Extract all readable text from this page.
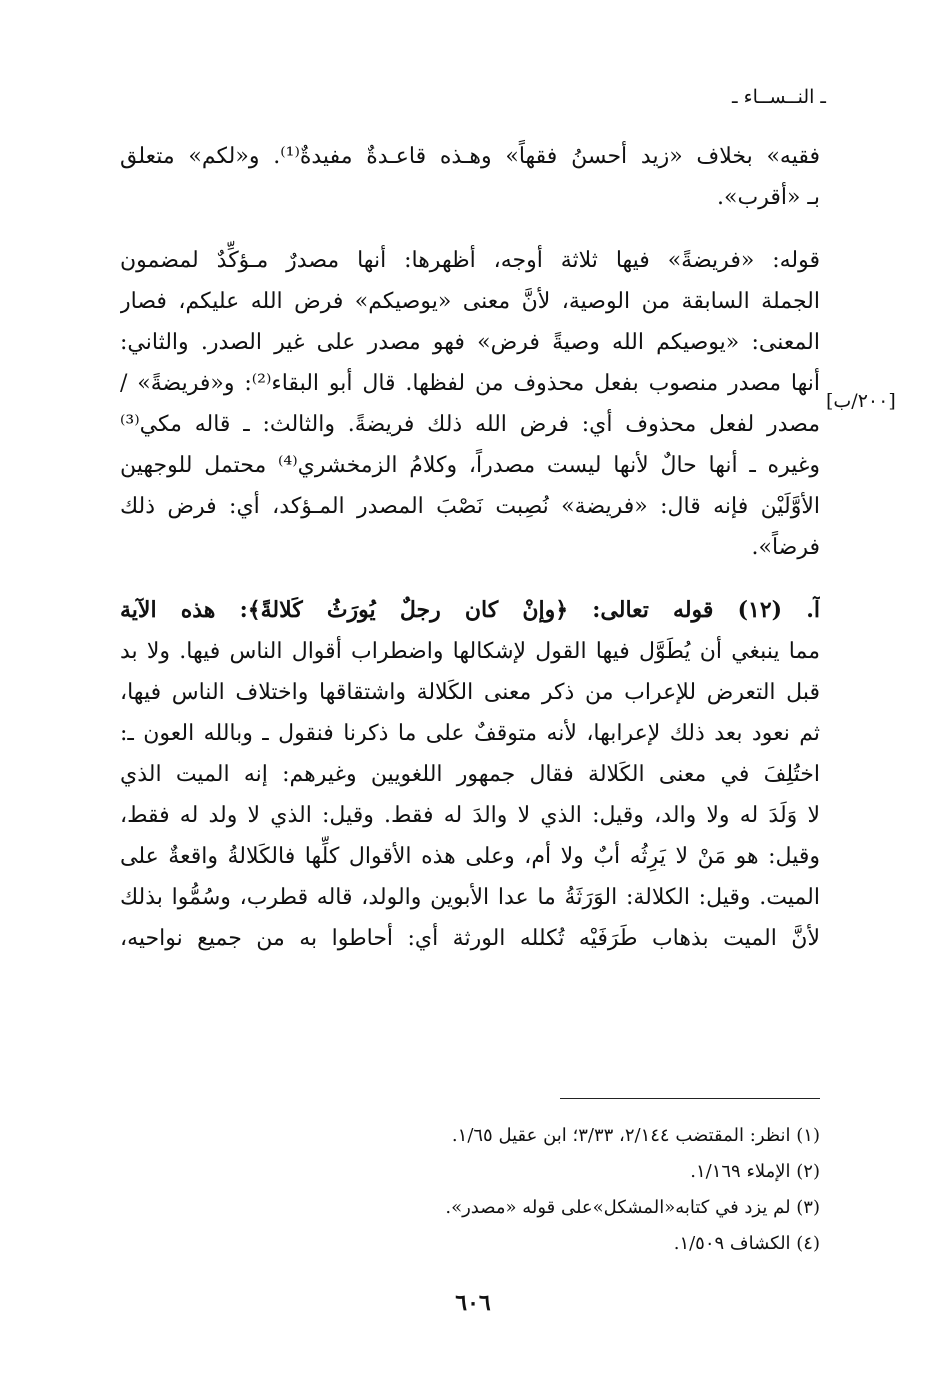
ـ النــســاء ـ
فقيه» بخلاف «زيد أحسنُ فقهاً» وهـذه قاعـدةٌ مفيدةٌ⁽¹⁾. و«لكم» متعلق
بـ «أقرب».
قوله: «فريضةً» فيها ثلاثة أوجه، أظهرها: أنها مصدرٌ مـؤكِّدٌ لمضمون
الجملة السابقة من الوصية، لأنَّ معنى «يوصيكم» فرض الله عليكم، فصار
المعنى: «يوصيكم الله وصيةً فرض» فهو مصدر على غير الصدر. والثاني:
أنها مصدر منصوب بفعل محذوف من لفظها. قال أبو البقاء⁽²⁾: و«فريضةً» /
مصدر لفعل محذوف أي: فرض الله ذلك فريضةً. والثالث: ـ قاله مكي⁽³⁾
وغيره ـ أنها حالٌ لأنها ليست مصدراً، وكلامُ الزمخشري⁽⁴⁾ محتمل للوجهين
الأوَّلَيْن فإنه قال: «فريضة» نُصِبت نَصْبَ المصدر المـؤكد، أي: فرض ذلك
فرضاً».
آ. (١٢) قوله تعالى: ﴿وإنْ كان رجلٌ يُورَثُ كَلالةً﴾: هذه الآية
مما ينبغي أن يُطَوَّل فيها القول لإشكالها واضطراب أقوال الناس فيها. ولا بد
قبل التعرض للإعراب من ذكر معنى الكَلالة واشتقاقها واختلاف الناس فيها،
ثم نعود بعد ذلك لإعرابها، لأنه متوقفٌ على ما ذكرنا فنقول ـ وبالله العون ـ:
اختُلِفَ في معنى الكَلالة فقال جمهور اللغويين وغيرهم: إنه الميت الذي
لا وَلَدَ له ولا والد، وقيل: الذي لا والدَ له فقط. وقيل: الذي لا ولد له فقط،
وقيل: هو مَنْ لا يَرِثُه أبٌ ولا أم، وعلى هذه الأقوال كلِّها فالكَلالةُ واقعةٌ على
الميت. وقيل: الكلالة: الوَرَثَةُ ما عدا الأبوين والولد، قاله قطرب، وسُمُّوا بذلك
لأنَّ الميت بذهاب طَرَفَيْه تُكلله الورثة أي: أحاطوا به من جميع نواحيه،
[٢٠٠/ب]
(١) انظر: المقتضب ٢/١٤٤، ٣/٣٣؛ ابن عقيل ١/٦٥.
(٢) الإملاء ١/١٦٩.
(٣) لم يزد في كتابه«المشكل»على قوله «مصدر».
(٤) الكشاف ١/٥٠٩.
٦٠٦
